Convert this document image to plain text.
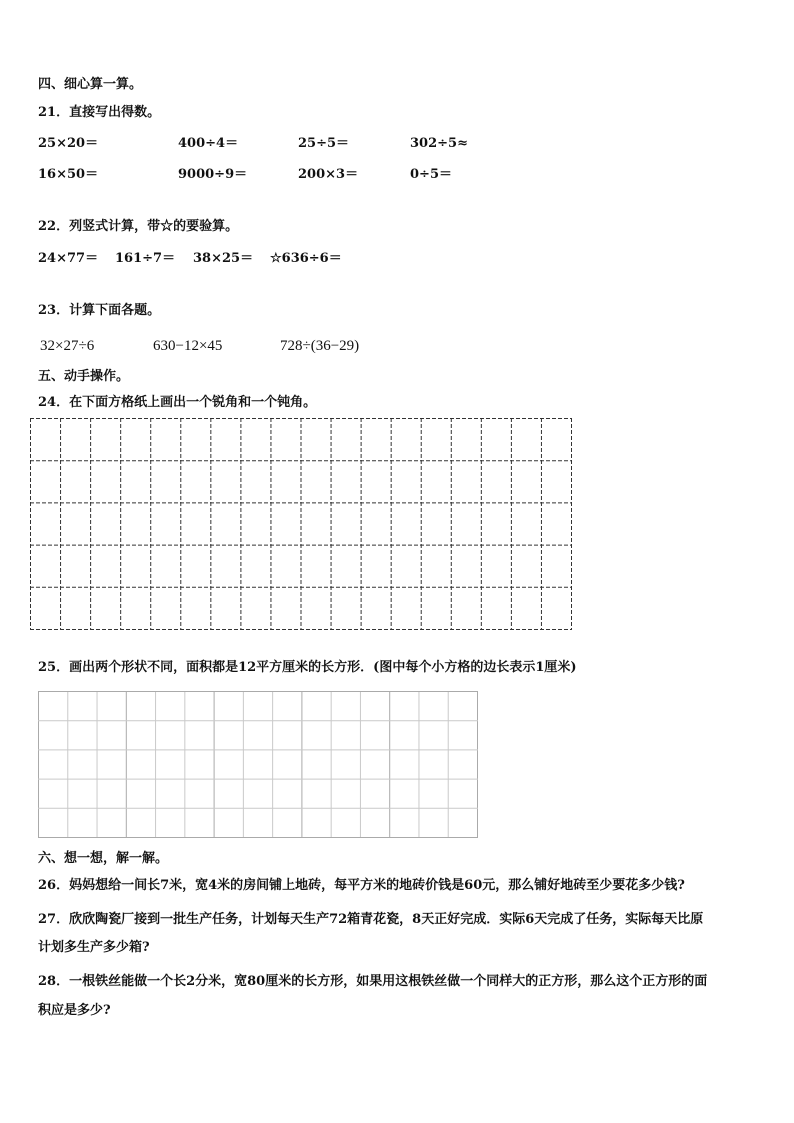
四、细心算一算。
21．直接写出得数。
25×20＝	400÷4＝	25÷5＝	302÷5≈
16×50＝	9000÷9＝	200×3＝	0÷5＝
22．列竖式计算，带☆的要验算。
24×77＝ 161÷7＝ 38×25＝ ☆636÷6＝
23．计算下面各题。
32×27÷6	630−12×45	728÷(36−29)
五、动手操作。
24．在下面方格纸上画出一个锐角和一个钝角。
25．画出两个形状不同，面积都是12平方厘米的长方形．(图中每个小方格的边长表示1厘米)
六、想一想，解一解。
26．妈妈想给一间长7米，宽4米的房间铺上地砖，每平方米的地砖价钱是60元，那么铺好地砖至少要花多少钱?
27．欣欣陶瓷厂接到一批生产任务，计划每天生产72箱青花瓷，8天正好完成．实际6天完成了任务，实际每天比原
计划多生产多少箱?
28．一根铁丝能做一个长2分米，宽80厘米的长方形，如果用这根铁丝做一个同样大的正方形，那么这个正方形的面
积应是多少?
